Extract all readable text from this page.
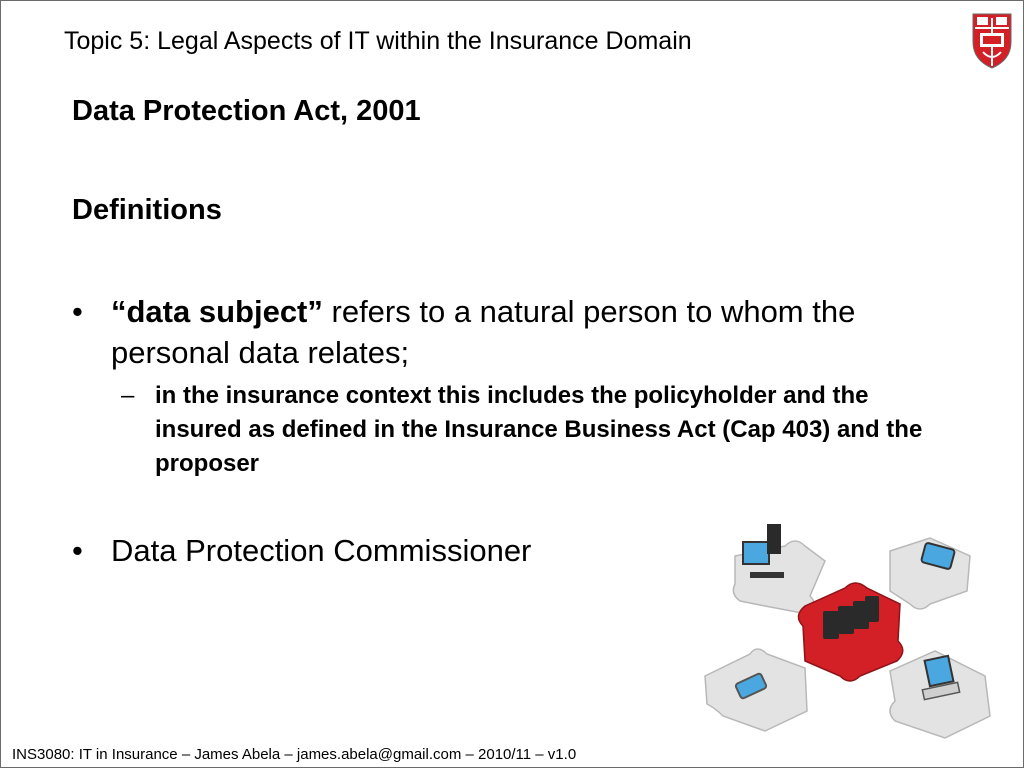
Topic 5: Legal Aspects of IT within the Insurance Domain
Data Protection Act, 2001
Definitions
• “data subject” refers to a natural person to whom the personal data relates;
– in the insurance context this includes the policyholder and the insured as defined in the Insurance Business Act (Cap 403) and the proposer
• Data Protection Commissioner
INS3080: IT in Insurance – James Abela – james.abela@gmail.com – 2010/11 – v1.0
